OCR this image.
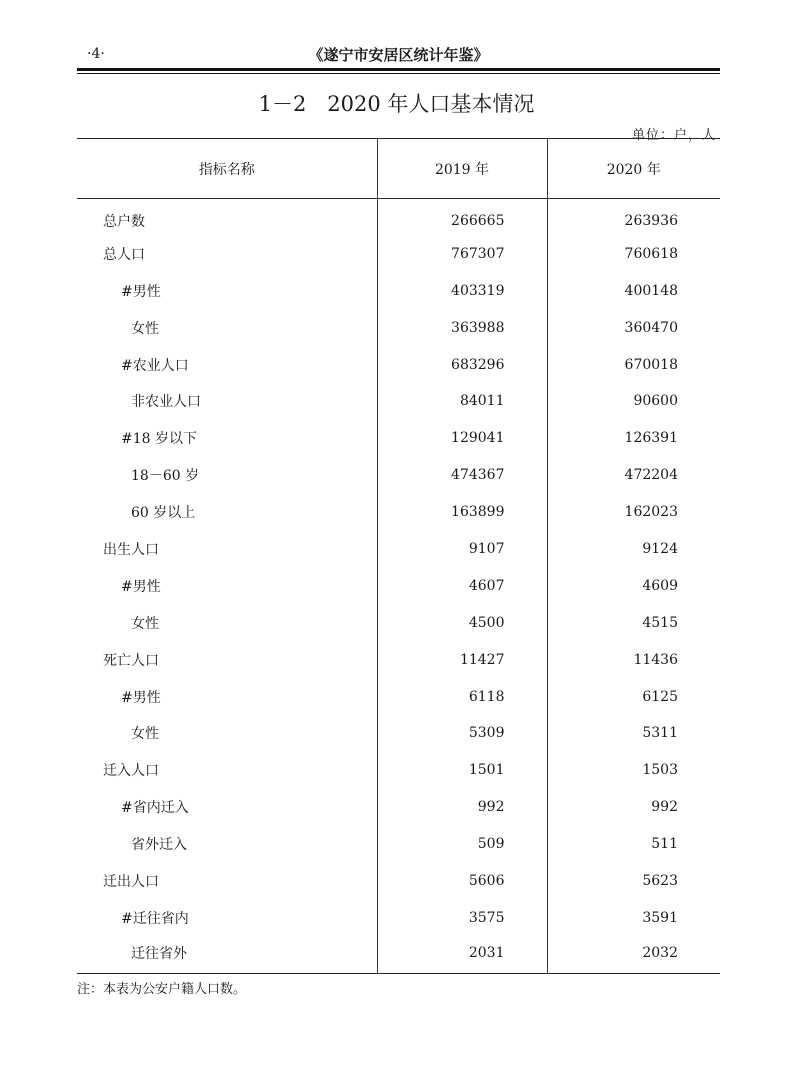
·4·	《遂宁市安居区统计年鉴》
1－2　2020 年人口基本情况
单位：户，人
指标名称	2019 年	2020 年
总户数	266665	263936
总人口	767307	760618
#男性	403319	400148
女性	363988	360470
#农业人口	683296	670018
非农业人口	84011	90600
#18 岁以下	129041	126391
18－60 岁	474367	472204
60 岁以上	163899	162023
出生人口	9107	9124
#男性	4607	4609
女性	4500	4515
死亡人口	11427	11436
#男性	6118	6125
女性	5309	5311
迁入人口	1501	1503
#省内迁入	992	992
省外迁入	509	511
迁出人口	5606	5623
#迁往省内	3575	3591
迁往省外	2031	2032
注：本表为公安户籍人口数。
